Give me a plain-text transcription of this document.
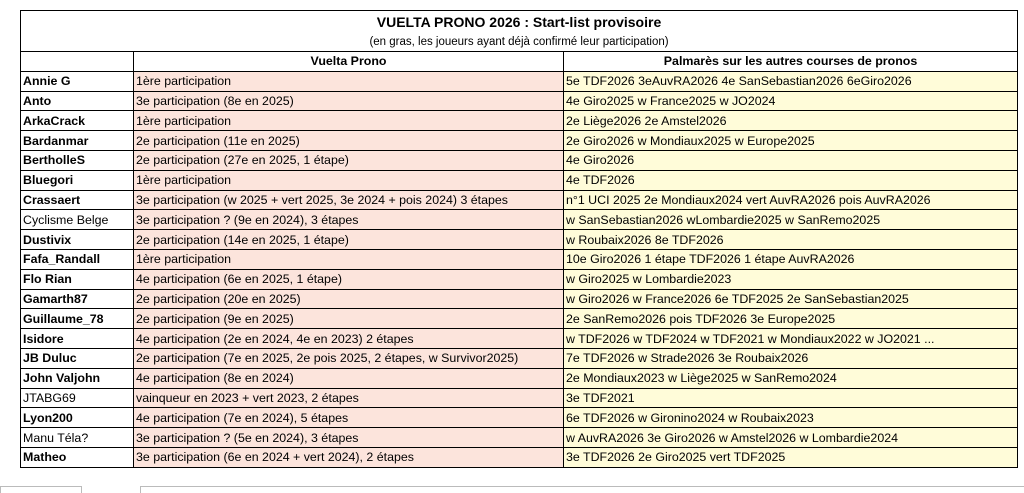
VUELTA PRONO 2026 : Start-list provisoire		
(en gras, les joueurs ayant déjà confirmé leur participation)		
	Vuelta Prono	Palmarès sur les autres courses de pronos
Annie G	1ère participation	5e TDF2026 3eAuvRA2026 4e SanSebastian2026 6eGiro2026
Anto	3e participation (8e en 2025)	4e Giro2025 w France2025 w JO2024
ArkaCrack	1ère participation	2e Liège2026 2e Amstel2026
Bardanmar	2e participation (11e en 2025)	2e Giro2026 w Mondiaux2025 w Europe2025
BertholleS	2e participation (27e en 2025, 1 étape)	4e Giro2026
Bluegori	1ère participation	4e TDF2026
Crassaert	3e participation (w 2025 + vert 2025, 3e 2024 + pois 2024) 3 étapes	n°1 UCI 2025 2e Mondiaux2024 vert AuvRA2026 pois AuvRA2026
Cyclisme Belge	3e participation ? (9e en 2024), 3 étapes	w SanSebastian2026 wLombardie2025 w SanRemo2025
Dustivix	2e participation (14e en 2025, 1 étape)	w Roubaix2026 8e TDF2026
Fafa_Randall	1ère participation	10e Giro2026 1 étape TDF2026 1 étape AuvRA2026
Flo Rian	4e participation (6e en 2025, 1 étape)	w Giro2025 w Lombardie2023
Gamarth87	2e participation (20e en 2025)	w Giro2026 w France2026 6e TDF2025 2e SanSebastian2025
Guillaume_78	2e participation (9e en 2025)	2e SanRemo2026 pois TDF2026 3e Europe2025
Isidore	4e participation (2e en 2024, 4e en 2023) 2 étapes	w TDF2026 w TDF2024 w TDF2021 w Mondiaux2022 w JO2021 ...
JB Duluc	2e participation (7e en 2025, 2e pois 2025, 2 étapes, w Survivor2025)	7e TDF2026 w Strade2026 3e Roubaix2026
John Valjohn	4e participation (8e en 2024)	2e Mondiaux2023 w Liège2025 w SanRemo2024
JTABG69	vainqueur en 2023 + vert 2023, 2 étapes	3e TDF2021
Lyon200	4e participation (7e en 2024), 5 étapes	6e TDF2026 w Gironino2024 w Roubaix2023
Manu Téla?	3e participation ? (5e en 2024), 3 étapes	w AuvRA2026 3e Giro2026 w Amstel2026 w Lombardie2024
Matheo	3e participation (6e en 2024 + vert 2024), 2 étapes	3e TDF2026 2e Giro2025 vert TDF2025
